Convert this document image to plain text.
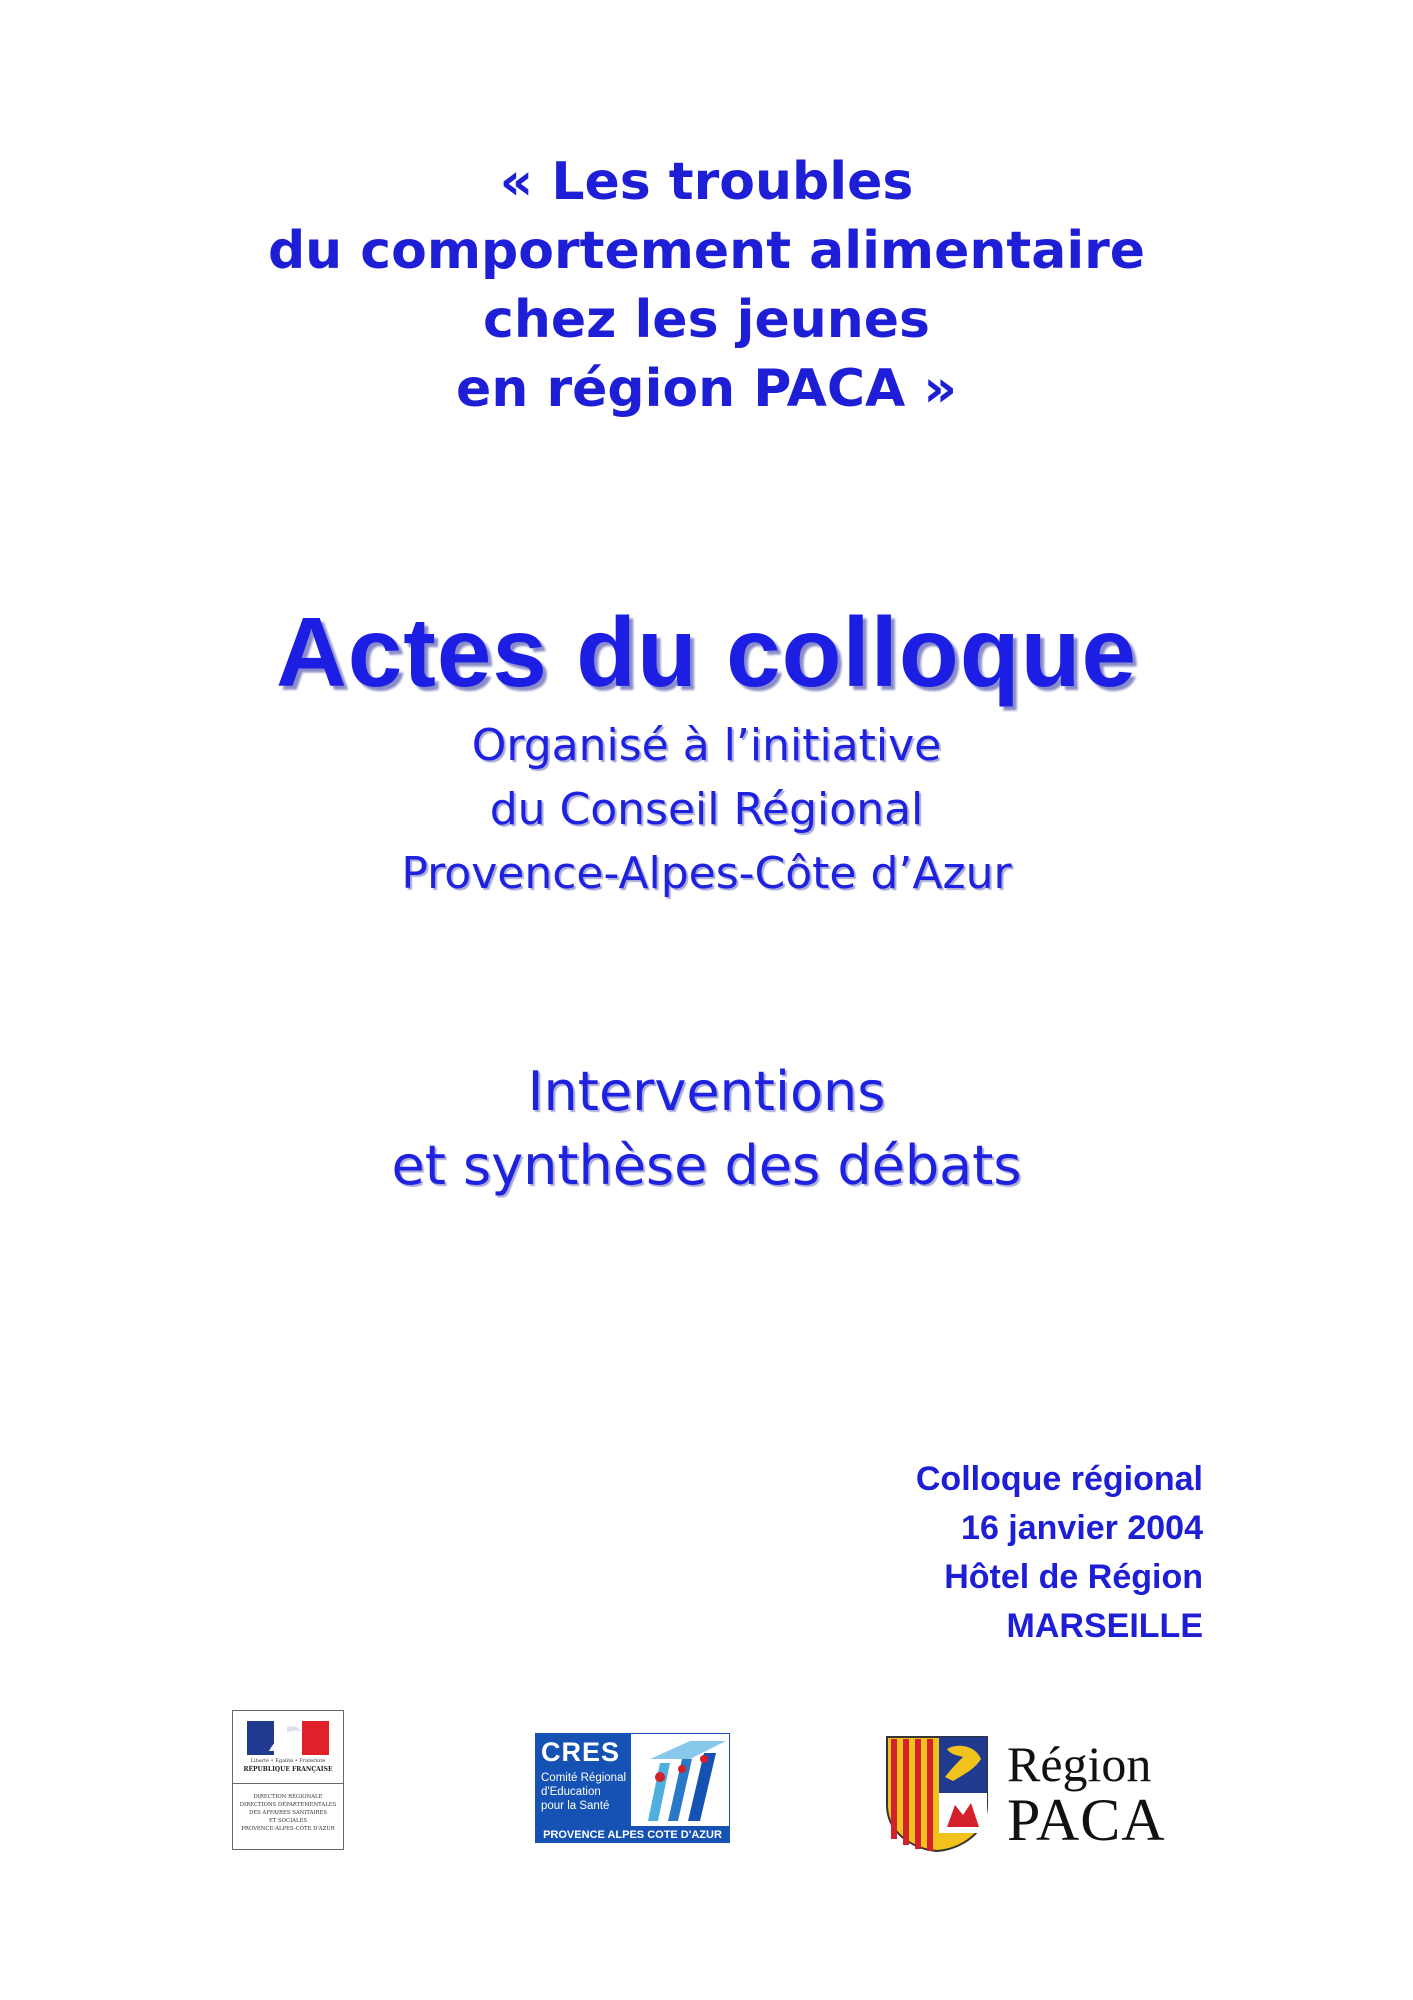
« Les troubles
du comportement alimentaire
chez les jeunes
en région PACA »
Actes du colloque
Organisé à l’initiative
du Conseil Régional
Provence-Alpes-Côte d’Azur
Interventions
et synthèse des débats
Colloque régional
16 janvier 2004
Hôtel de Région
MARSEILLE
Liberté • Égalité • Fraternité
RÉPUBLIQUE FRANÇAISE
DIRECTION RÉGIONALE
DIRECTIONS DÉPARTEMENTALES
DES AFFAIRES SANITAIRES
ET SOCIALES
PROVENCE-ALPES-CÔTE D'AZUR
CRES
Comité Régional
d'Education
pour la Santé
PROVENCE ALPES COTE D'AZUR
Région
PACA
